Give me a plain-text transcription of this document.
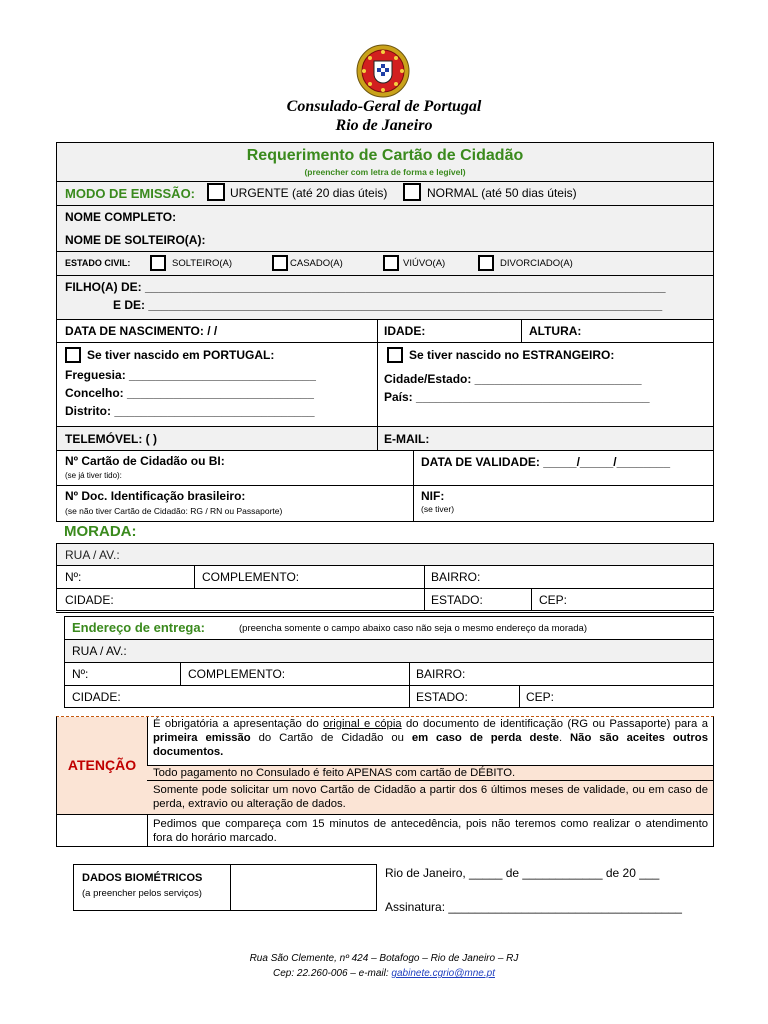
Consulado-Geral de Portugal
Rio de Janeiro
Requerimento de Cartão de Cidadão
(preencher com letra de forma e legível)
MODO DE EMISSÃO:	URGENTE (até 20 dias úteis)	NORMAL (até 50 dias úteis)
NOME COMPLETO:
NOME DE SOLTEIRO(A):
ESTADO CIVIL:	SOLTEIRO(A)	CASADO(A)	VIÚVO(A)	DIVORCIADO(A)
FILHO(A) DE: ______________________________________________________________________________
E DE: _____________________________________________________________________________
DATA DE NASCIMENTO: / /	IDADE:	ALTURA:
Se tiver nascido em PORTUGAL:
Freguesia: ____________________________
Concelho: ____________________________
Distrito: ______________________________
Se tiver nascido no ESTRANGEIRO:
Cidade/Estado: _________________________
País: ___________________________________
TELEMÓVEL: ( )	E-MAIL:
Nº Cartão de Cidadão ou BI:
(se já tiver tido):
DATA DE VALIDADE: _____/_____/________
Nº Doc. Identificação brasileiro:
(se não tiver Cartão de Cidadão: RG / RN ou Passaporte)
NIF:
(se tiver)
MORADA:
RUA / AV.:
Nº:	COMPLEMENTO:	BAIRRO:
CIDADE:	ESTADO:	CEP:
Endereço de entrega:	(preencha somente o campo abaixo caso não seja o mesmo endereço da morada)
RUA / AV.:
Nº:	COMPLEMENTO:	BAIRRO:
CIDADE:	ESTADO:	CEP:
ATENÇÃO
É obrigatória a apresentação do original e cópia do documento de identificação (RG ou Passaporte) para a primeira emissão do Cartão de Cidadão ou em caso de perda deste. Não são aceites outros documentos.
Todo pagamento no Consulado é feito APENAS com cartão de DÉBITO.
Somente pode solicitar um novo Cartão de Cidadão a partir dos 6 últimos meses de validade, ou em caso de perda, extravio ou alteração de dados.
Pedimos que compareça com 15 minutos de antecedência, pois não teremos como realizar o atendimento fora do horário marcado.
DADOS BIOMÉTRICOS
(a preencher pelos serviços)
Rio de Janeiro, _____ de ____________ de 20 ___
Assinatura: ___________________________________
Rua São Clemente, nº 424 – Botafogo – Rio de Janeiro – RJ
Cep: 22.260-006 – e-mail: gabinete.cgrio@mne.pt
